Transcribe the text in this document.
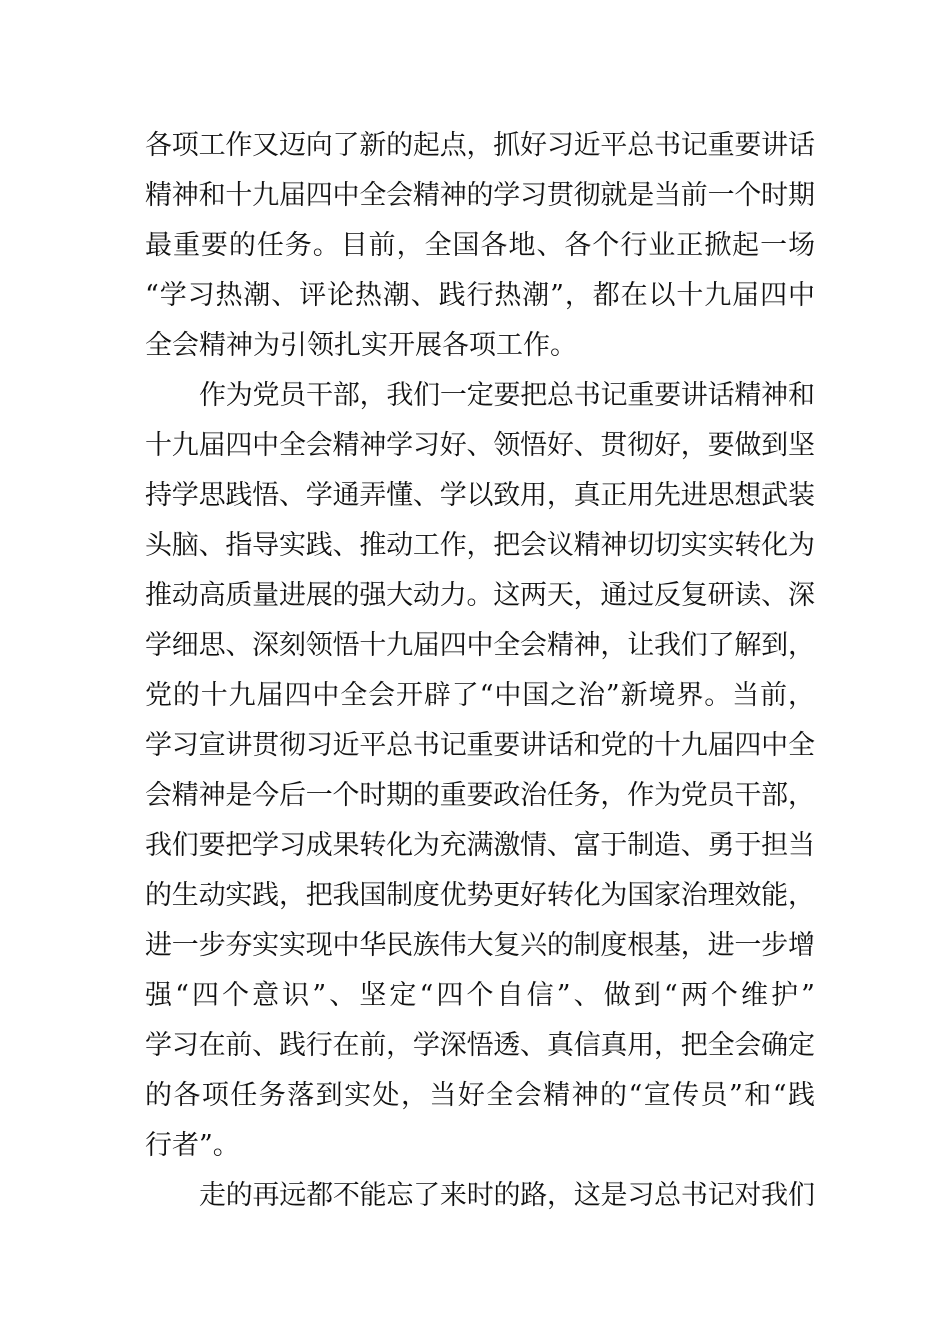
各项工作又迈向了新的起点，抓好习近平总书记重要讲话
精神和十九届四中全会精神的学习贯彻就是当前一个时期
最重要的任务。目前，全国各地、各个行业正掀起一场
“学习热潮、评论热潮、践行热潮”，都在以十九届四中
全会精神为引领扎实开展各项工作。
作为党员干部，我们一定要把总书记重要讲话精神和
十九届四中全会精神学习好、领悟好、贯彻好，要做到坚
持学思践悟、学通弄懂、学以致用，真正用先进思想武装
头脑、指导实践、推动工作，把会议精神切切实实转化为
推动高质量进展的强大动力。这两天，通过反复研读、深
学细思、深刻领悟十九届四中全会精神，让我们了解到，
党的十九届四中全会开辟了“中国之治”新境界。当前，
学习宣讲贯彻习近平总书记重要讲话和党的十九届四中全
会精神是今后一个时期的重要政治任务，作为党员干部，
我们要把学习成果转化为充满激情、富于制造、勇于担当
的生动实践，把我国制度优势更好转化为国家治理效能，
进一步夯实实现中华民族伟大复兴的制度根基，进一步增
强“四个意识”、坚定“四个自信”、做到“两个维护”
学习在前、践行在前，学深悟透、真信真用，把全会确定
的各项任务落到实处，当好全会精神的“宣传员”和“践
行者”。
走的再远都不能忘了来时的路，这是习总书记对我们
